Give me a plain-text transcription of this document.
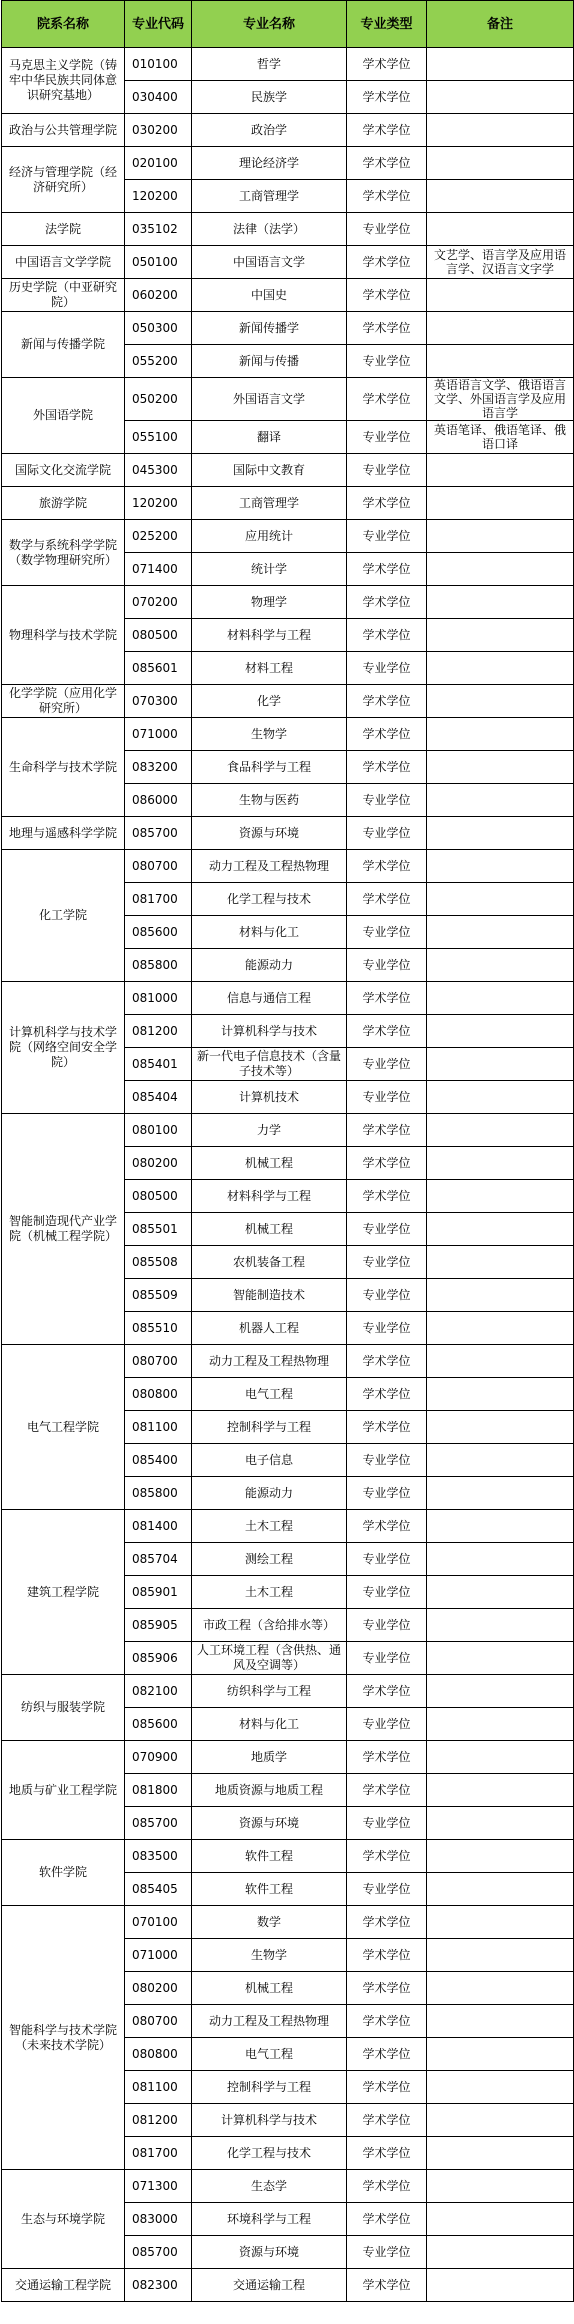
院系名称	专业代码	专业名称	专业类型	备注
马克思主义学院（铸牢中华民族共同体意识研究基地）	010100	哲学	学术学位	
	030400	民族学	学术学位	
政治与公共管理学院	030200	政治学	学术学位	
经济与管理学院（经济研究所）	020100	理论经济学	学术学位	
	120200	工商管理学	学术学位	
法学院	035102	法律（法学）	专业学位	
中国语言文学学院	050100	中国语言文学	学术学位	文艺学、语言学及应用语言学、汉语言文字学
历史学院（中亚研究院）	060200	中国史	学术学位	
新闻与传播学院	050300	新闻传播学	学术学位	
	055200	新闻与传播	专业学位	
外国语学院	050200	外国语言文学	学术学位	英语语言文学、俄语语言文学、外国语言学及应用语言学
	055100	翻译	专业学位	英语笔译、俄语笔译、俄语口译
国际文化交流学院	045300	国际中文教育	专业学位	
旅游学院	120200	工商管理学	学术学位	
数学与系统科学学院（数学物理研究所）	025200	应用统计	专业学位	
	071400	统计学	学术学位	
物理科学与技术学院	070200	物理学	学术学位	
	080500	材料科学与工程	学术学位	
	085601	材料工程	专业学位	
化学学院（应用化学研究所）	070300	化学	学术学位	
生命科学与技术学院	071000	生物学	学术学位	
	083200	食品科学与工程	学术学位	
	086000	生物与医药	专业学位	
地理与遥感科学学院	085700	资源与环境	专业学位	
化工学院	080700	动力工程及工程热物理	学术学位	
	081700	化学工程与技术	学术学位	
	085600	材料与化工	专业学位	
	085800	能源动力	专业学位	
计算机科学与技术学院（网络空间安全学院）	081000	信息与通信工程	学术学位	
	081200	计算机科学与技术	学术学位	
	085401	新一代电子信息技术（含量子技术等）	专业学位	
	085404	计算机技术	专业学位	
智能制造现代产业学院（机械工程学院）	080100	力学	学术学位	
	080200	机械工程	学术学位	
	080500	材料科学与工程	学术学位	
	085501	机械工程	专业学位	
	085508	农机装备工程	专业学位	
	085509	智能制造技术	专业学位	
	085510	机器人工程	专业学位	
电气工程学院	080700	动力工程及工程热物理	学术学位	
	080800	电气工程	学术学位	
	081100	控制科学与工程	学术学位	
	085400	电子信息	专业学位	
	085800	能源动力	专业学位	
建筑工程学院	081400	土木工程	学术学位	
	085704	测绘工程	专业学位	
	085901	土木工程	专业学位	
	085905	市政工程（含给排水等）	专业学位	
	085906	人工环境工程（含供热、通风及空调等）	专业学位	
纺织与服装学院	082100	纺织科学与工程	学术学位	
	085600	材料与化工	专业学位	
地质与矿业工程学院	070900	地质学	学术学位	
	081800	地质资源与地质工程	学术学位	
	085700	资源与环境	专业学位	
软件学院	083500	软件工程	学术学位	
	085405	软件工程	专业学位	
智能科学与技术学院（未来技术学院）	070100	数学	学术学位	
	071000	生物学	学术学位	
	080200	机械工程	学术学位	
	080700	动力工程及工程热物理	学术学位	
	080800	电气工程	学术学位	
	081100	控制科学与工程	学术学位	
	081200	计算机科学与技术	学术学位	
	081700	化学工程与技术	学术学位	
生态与环境学院	071300	生态学	学术学位	
	083000	环境科学与工程	学术学位	
	085700	资源与环境	专业学位	
交通运输工程学院	082300	交通运输工程	学术学位	
